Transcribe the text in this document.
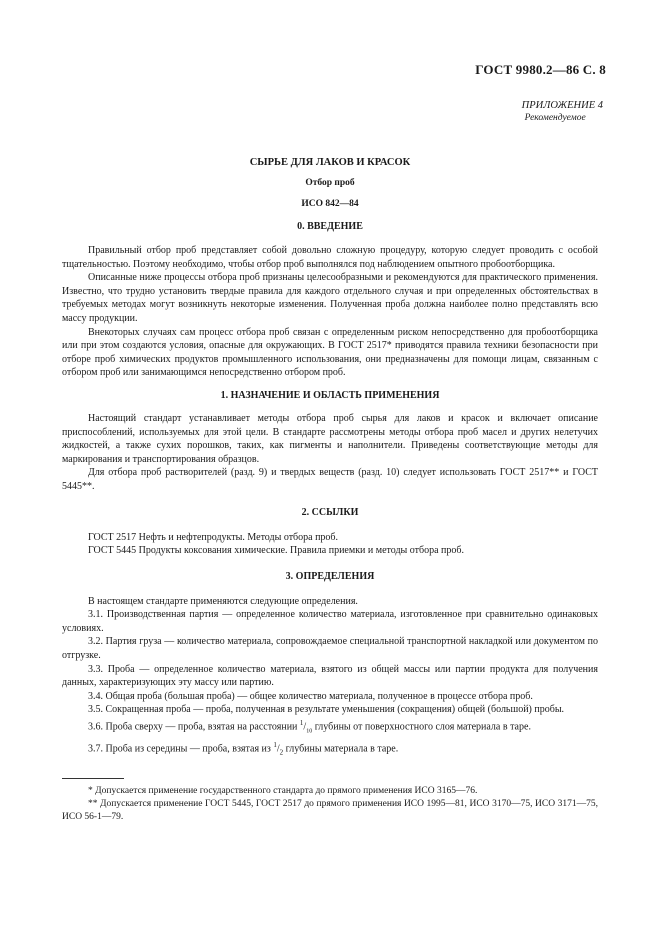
ГОСТ 9980.2—86 С. 8
ПРИЛОЖЕНИЕ 4
Рекомендуемое
СЫРЬЕ ДЛЯ ЛАКОВ И КРАСОК
Отбор проб
ИСО 842—84
0. ВВЕДЕНИЕ

Правильный отбор проб представляет собой довольно сложную процедуру, которую следует проводить с особой тщательностью. Поэтому необходимо, чтобы отбор проб выполнялся под наблюдением опытного пробоотборщика.

Описанные ниже процессы отбора проб признаны целесообразными и рекомендуются для практического применения. Известно, что трудно установить твердые правила для каждого отдельного случая и при определенных обстоятельствах в требуемых методах могут возникнуть некоторые изменения. Полученная проба должна наиболее полно представлять всю массу продукции.

Внекоторых случаях сам процесс отбора проб связан с определенным риском непосредственно для пробоотборщика или при этом создаются условия, опасные для окружающих. В ГОСТ 2517* приводятся правила техники безопасности при отборе проб химических продуктов промышленного использования, они предназначены для помощи лицам, связанным с отбором проб или занимающимся непосредственно отбором проб.

1. НАЗНАЧЕНИЕ И ОБЛАСТЬ ПРИМЕНЕНИЯ

Настоящий стандарт устанавливает методы отбора проб сырья для лаков и красок и включает описание приспособлений, используемых для этой цели. В стандарте рассмотрены методы отбора проб масел и других нелетучих жидкостей, а также сухих порошков, таких, как пигменты и наполнители. Приведены соответствующие методы для маркирования и транспортирования образцов.

Для отбора проб растворителей (разд. 9) и твердых веществ (разд. 10) следует использовать ГОСТ 2517** и ГОСТ 5445**.

2. ССЫЛКИ

ГОСТ 2517 Нефть и нефтепродукты. Методы отбора проб.

ГОСТ 5445 Продукты коксования химические. Правила приемки и методы отбора проб.

3. ОПРЕДЕЛЕНИЯ

В настоящем стандарте применяются следующие определения.

3.1. Производственная партия — определенное количество материала, изготовленное при сравнительно одинаковых условиях.

3.2. Партия груза — количество материала, сопровождаемое специальной транспортной накладкой или документом по отгрузке.

3.3. Проба — определенное количество материала, взятого из общей массы или партии продукта для получения данных, характеризующих эту массу или партию.

3.4. Общая проба (большая проба) — общее количество материала, полученное в процессе отбора проб.

3.5. Сокращенная проба — проба, полученная в результате уменьшения (сокращения) общей (большой) пробы.

3.6. Проба сверху — проба, взятая на расстоянии $^1/_{10}$ глубины от поверхностного слоя материала в таре.

3.7. Проба из середины — проба, взятая из $^1/_2$ глубины материала в таре.

* Допускается применение государственного стандарта до прямого применения ИСО 3165—76.

** Допускается применение ГОСТ 5445, ГОСТ 2517 до прямого применения ИСО 1995—81, ИСО 3170—75, ИСО 3171—75, ИСО 56-1—79.
